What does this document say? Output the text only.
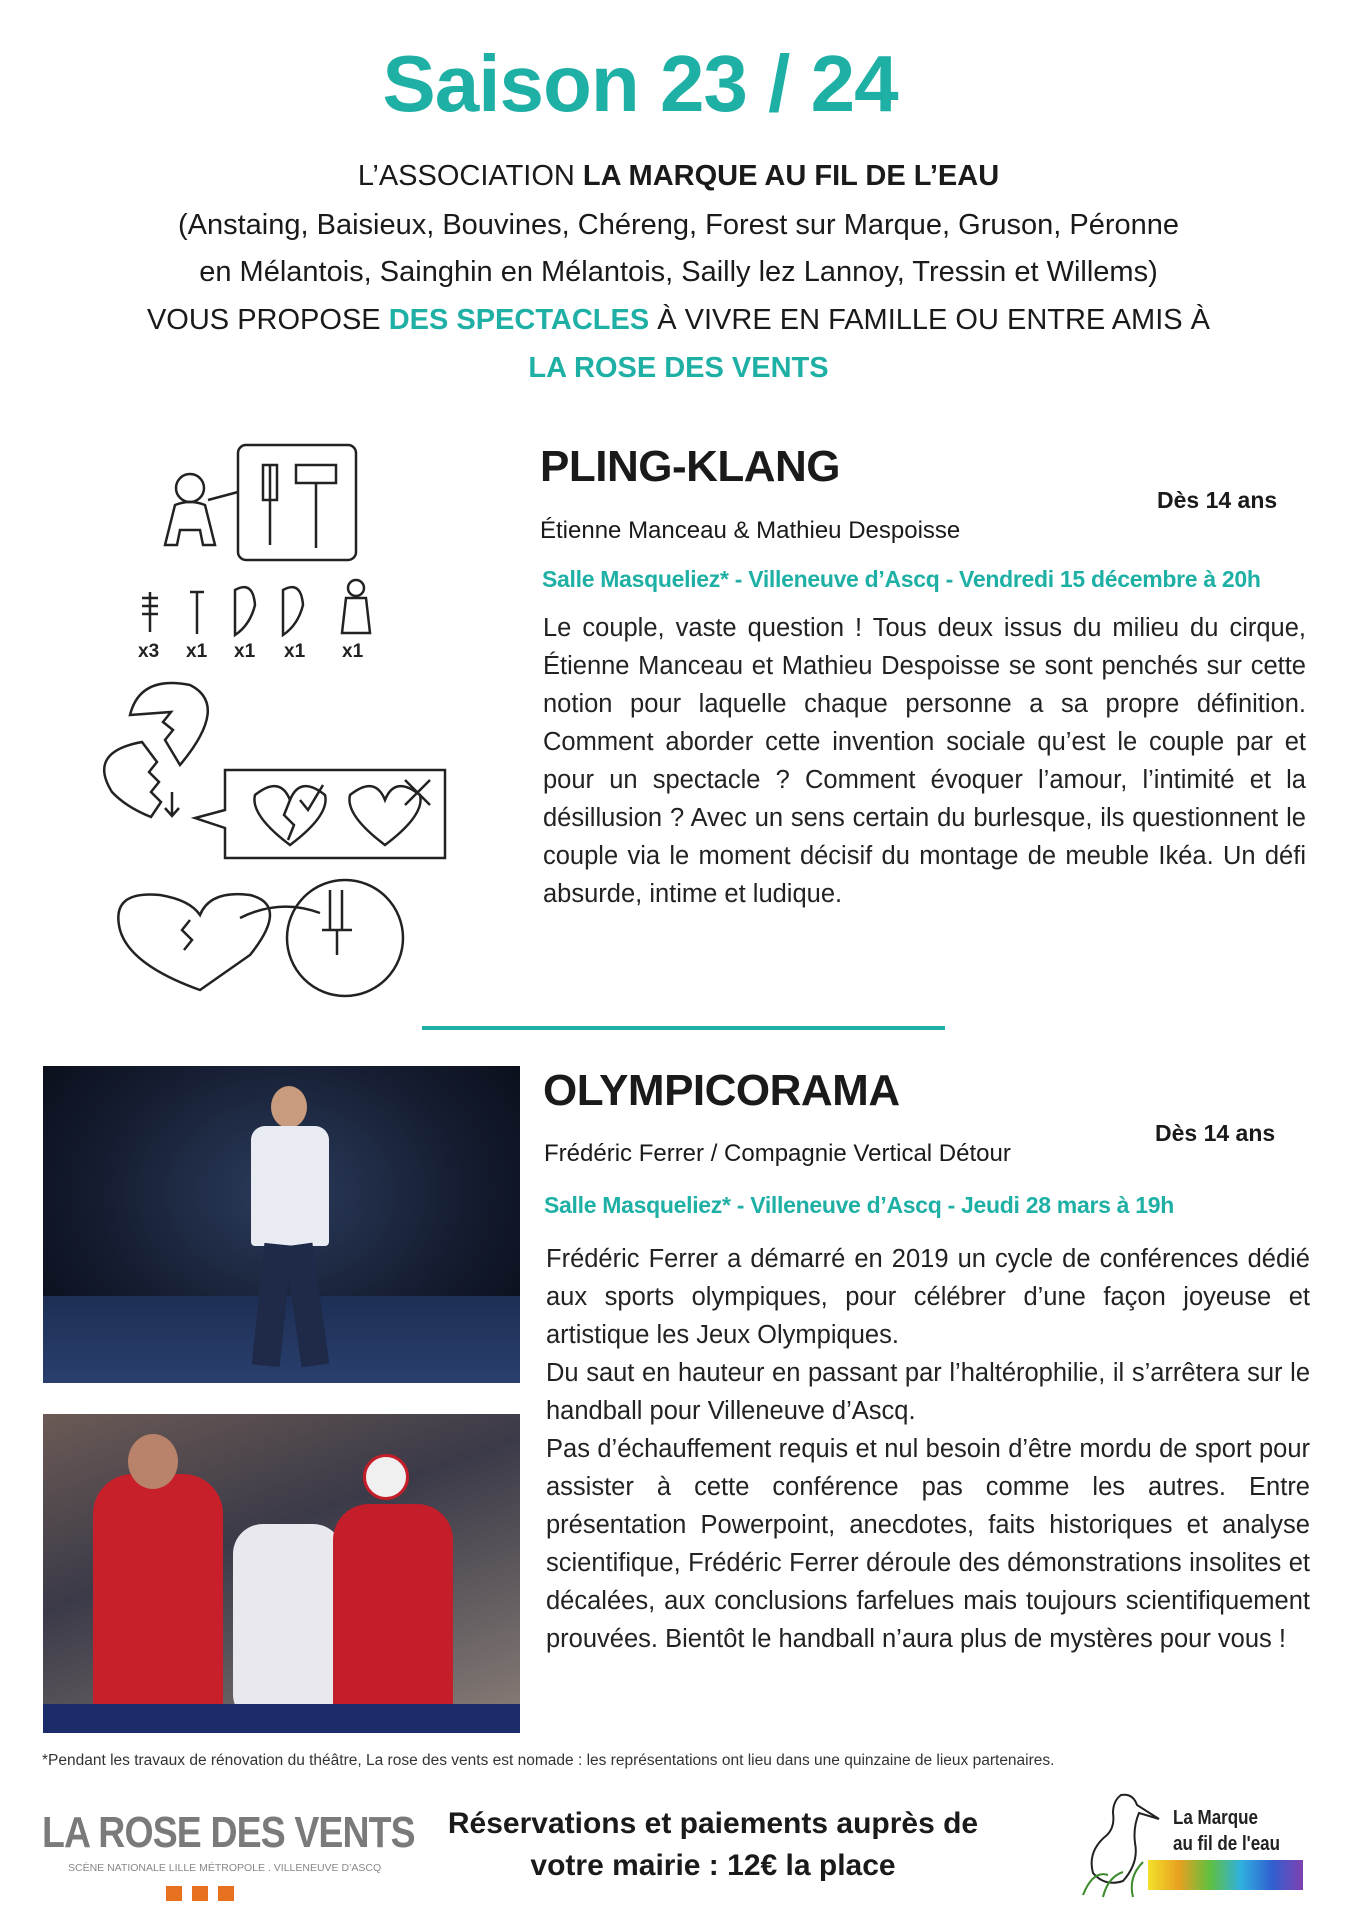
Saison 23 / 24
L’ASSOCIATION LA MARQUE AU FIL DE L’EAU
(Anstaing, Baisieux, Bouvines, Chéreng, Forest sur Marque, Gruson, Péronne
en Mélantois, Sainghin en Mélantois, Sailly lez Lannoy, Tressin et Willems)
VOUS PROPOSE DES SPECTACLES À VIVRE EN FAMILLE OU ENTRE AMIS À
LA ROSE DES VENTS
x3 x1 x1 x1 x1
PLING-KLANG
Dès 14 ans
Étienne Manceau & Mathieu Despoisse
Salle Masqueliez* - Villeneuve d’Ascq - Vendredi 15 décembre à 20h

Le couple, vaste question ! Tous deux issus du milieu du cirque, Étienne Manceau et Mathieu Despoisse se sont penchés sur cette notion pour laquelle chaque personne a sa propre définition. Comment aborder cette invention sociale qu’est le couple par et pour un spectacle ? Comment évoquer l’amour, l’intimité et la désillusion ? Avec un sens certain du burlesque, ils questionnent le couple via le moment décisif du montage de meuble Ikéa. Un défi absurde, intime et ludique.

OLYMPICORAMA
Dès 14 ans
Frédéric Ferrer / Compagnie Vertical Détour
Salle Masqueliez* - Villeneuve d’Ascq - Jeudi 28 mars à 19h

Frédéric Ferrer a démarré en 2019 un cycle de conférences dédié aux sports olympiques, pour célébrer d’une façon joyeuse et artistique les Jeux Olympiques.

Du saut en hauteur en passant par l’haltérophilie, il s’arrêtera sur le handball pour Villeneuve d’Ascq.

Pas d’échauffement requis et nul besoin d’être mordu de sport pour assister à cette conférence pas comme les autres. Entre présentation Powerpoint, anecdotes, faits historiques et analyse scientifique, Frédéric Ferrer déroule des démonstrations insolites et décalées, aux conclusions farfelues mais toujours scientifiquement prouvées. Bientôt le handball n’aura plus de mystères pour vous !

*Pendant les travaux de rénovation du théâtre, La rose des vents est nomade : les représentations ont lieu dans une quinzaine de lieux partenaires.
LA ROSE DES VENTS
SCÈNE NATIONALE LILLE MÉTROPOLE . VILLENEUVE D’ASCQ
Réservations et paiements auprès de
votre mairie : 12€ la place
La Marque
au fil de l'eau
